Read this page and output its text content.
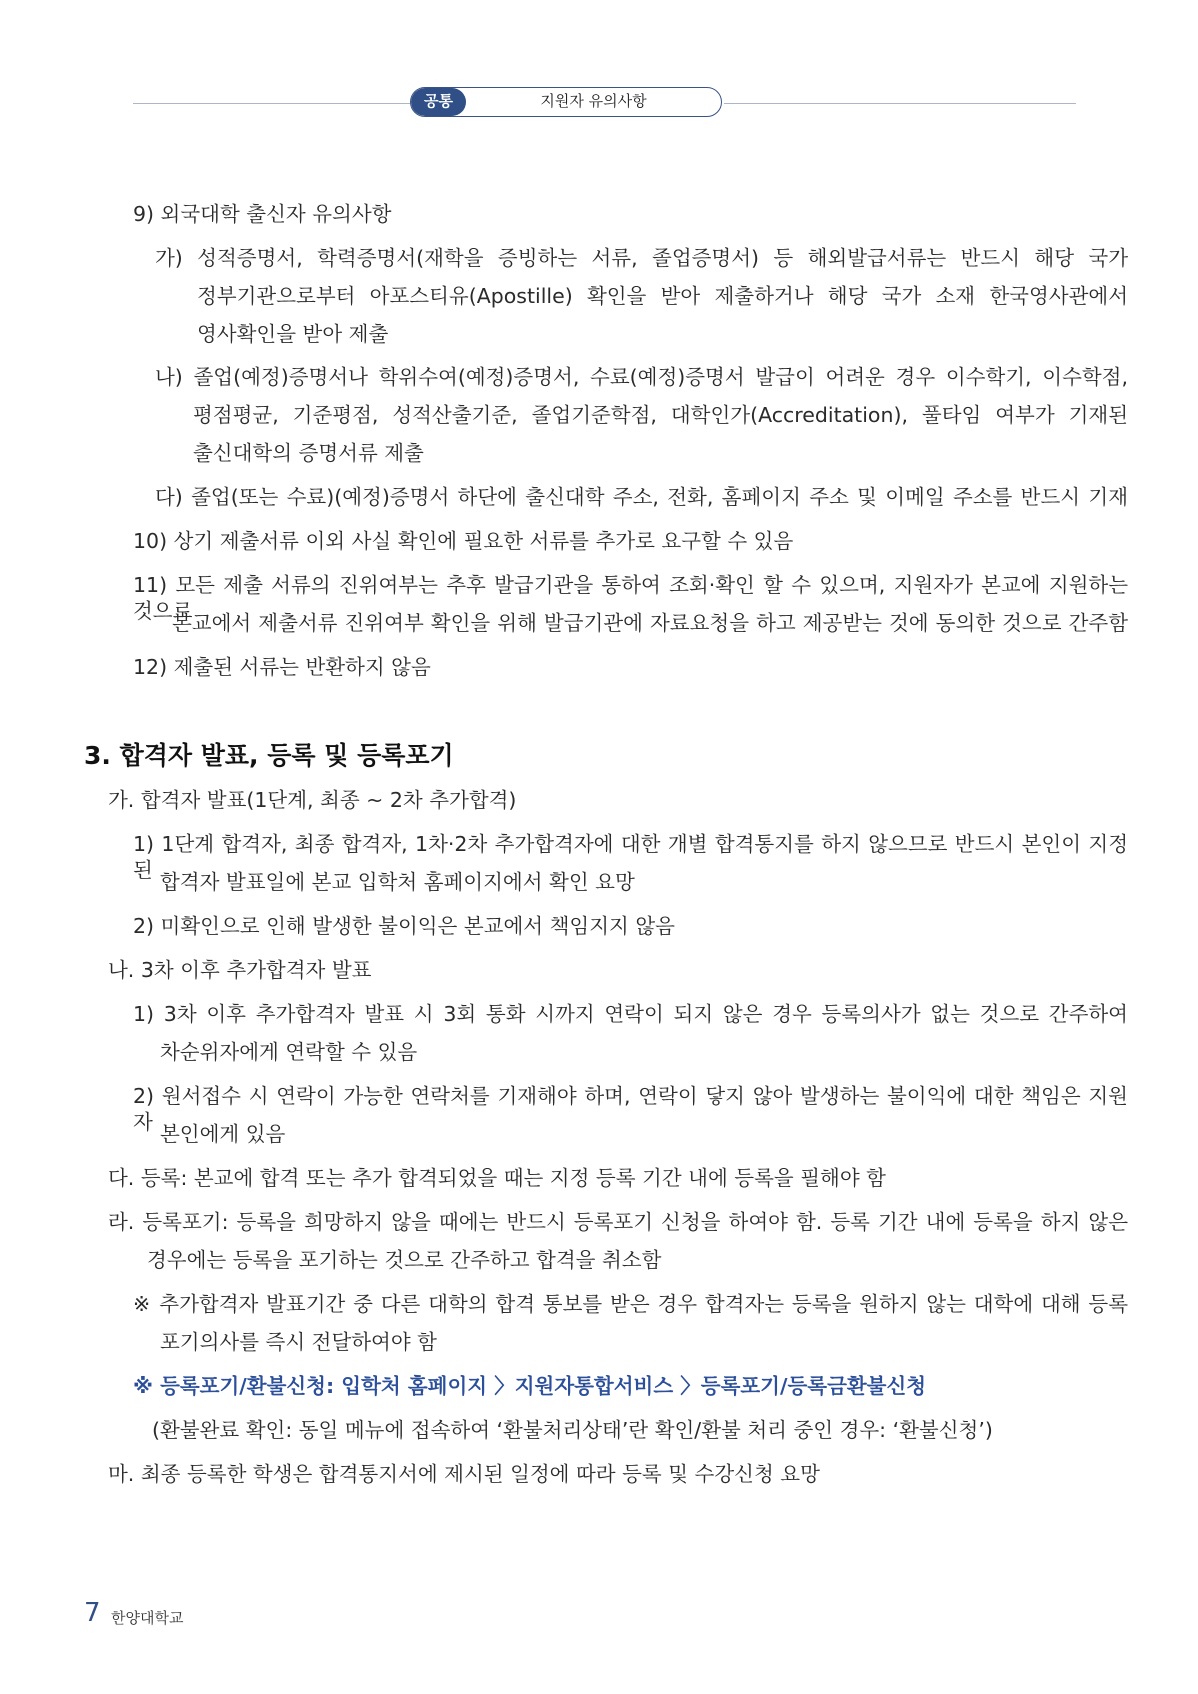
공통	지원자 유의사항
9) 외국대학 출신자 유의사항
가) 성적증명서, 학력증명서(재학을 증빙하는 서류, 졸업증명서) 등 해외발급서류는 반드시 해당 국가
정부기관으로부터 아포스티유(Apostille) 확인을 받아 제출하거나 해당 국가 소재 한국영사관에서
영사확인을 받아 제출
나) 졸업(예정)증명서나 학위수여(예정)증명서, 수료(예정)증명서 발급이 어려운 경우 이수학기, 이수학점,
평점평균, 기준평점, 성적산출기준, 졸업기준학점, 대학인가(Accreditation), 풀타임 여부가 기재된
출신대학의 증명서류 제출
다) 졸업(또는 수료)(예정)증명서 하단에 출신대학 주소, 전화, 홈페이지 주소 및 이메일 주소를 반드시 기재
10) 상기 제출서류 이외 사실 확인에 필요한 서류를 추가로 요구할 수 있음
11) 모든 제출 서류의 진위여부는 추후 발급기관을 통하여 조회·확인 할 수 있으며, 지원자가 본교에 지원하는 것으로
본교에서 제출서류 진위여부 확인을 위해 발급기관에 자료요청을 하고 제공받는 것에 동의한 것으로 간주함
12) 제출된 서류는 반환하지 않음
3. 합격자 발표, 등록 및 등록포기
가. 합격자 발표(1단계, 최종 ~ 2차 추가합격)
1) 1단계 합격자, 최종 합격자, 1차·2차 추가합격자에 대한 개별 합격통지를 하지 않으므로 반드시 본인이 지정된 합격자 발표일에 본교 입학처 홈페이지에서 확인 요망
2) 미확인으로 인해 발생한 불이익은 본교에서 책임지지 않음
나. 3차 이후 추가합격자 발표
1) 3차 이후 추가합격자 발표 시 3회 통화 시까지 연락이 되지 않은 경우 등록의사가 없는 것으로 간주하여
차순위자에게 연락할 수 있음
2) 원서접수 시 연락이 가능한 연락처를 기재해야 하며, 연락이 닿지 않아 발생하는 불이익에 대한 책임은 지원자 본인에게 있음
다. 등록: 본교에 합격 또는 추가 합격되었을 때는 지정 등록 기간 내에 등록을 필해야 함
라. 등록포기: 등록을 희망하지 않을 때에는 반드시 등록포기 신청을 하여야 함. 등록 기간 내에 등록을 하지 않은
경우에는 등록을 포기하는 것으로 간주하고 합격을 취소함
※ 추가합격자 발표기간 중 다른 대학의 합격 통보를 받은 경우 합격자는 등록을 원하지 않는 대학에 대해 등록
포기의사를 즉시 전달하여야 함
※ 등록포기/환불신청: 입학처 홈페이지 〉지원자통합서비스 〉등록포기/등록금환불신청
(환불완료 확인: 동일 메뉴에 접속하여 ‘환불처리상태’란 확인/환불 처리 중인 경우: ‘환불신청’)
마. 최종 등록한 학생은 합격통지서에 제시된 일정에 따라 등록 및 수강신청 요망
7 한양대학교
